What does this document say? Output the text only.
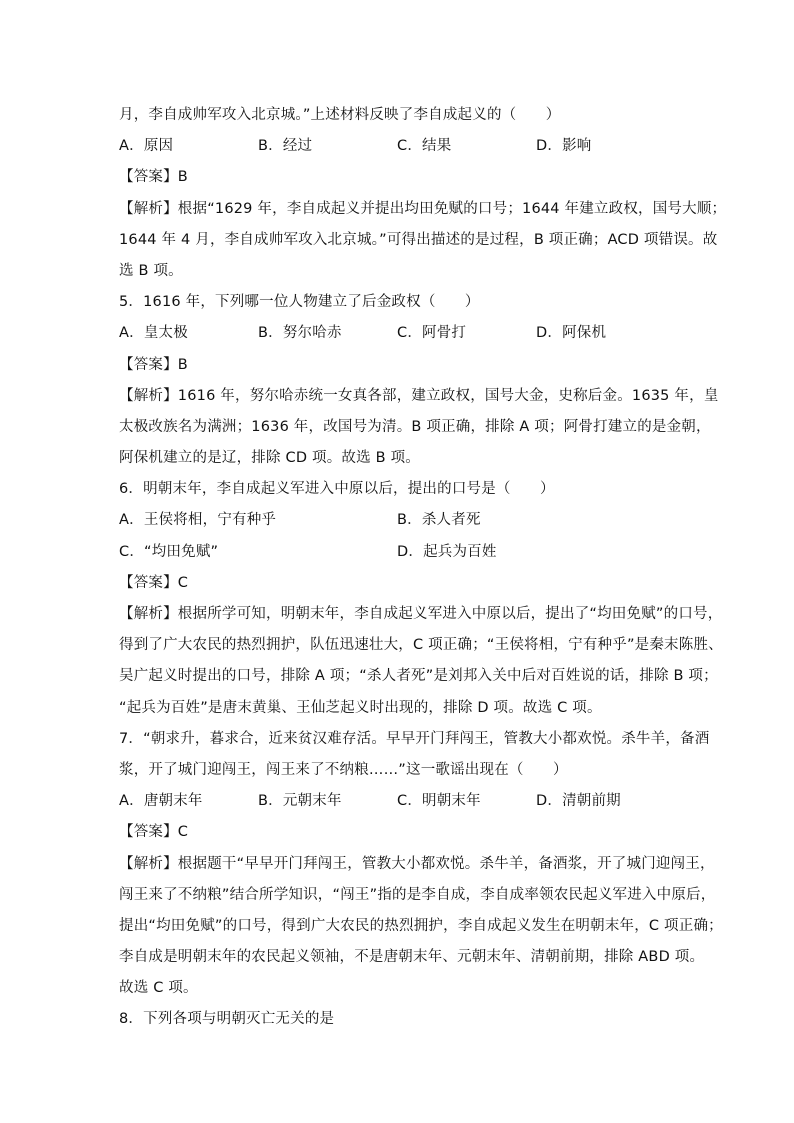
月，李自成帅军攻入北京城。”上述材料反映了李自成起义的（　　）
A．原因	B．经过	C．结果	D．影响
【答案】B
【解析】根据“1629 年，李自成起义并提出均田免赋的口号；1644 年建立政权，国号大顺；
1644 年 4 月，李自成帅军攻入北京城。”可得出描述的是过程，B 项正确；ACD 项错误。故
选 B 项。
5．1616 年，下列哪一位人物建立了后金政权（　　）
A．皇太极	B．努尔哈赤	C．阿骨打	D．阿保机
【答案】B
【解析】1616 年，努尔哈赤统一女真各部，建立政权，国号大金，史称后金。1635 年，皇
太极改族名为满洲；1636 年，改国号为清。B 项正确，排除 A 项；阿骨打建立的是金朝，
阿保机建立的是辽，排除 CD 项。故选 B 项。
6．明朝末年，李自成起义军进入中原以后，提出的口号是（　　）
A．王侯将相，宁有种乎	B．杀人者死
C．“均田免赋”	D．起兵为百姓
【答案】C
【解析】根据所学可知，明朝末年，李自成起义军进入中原以后，提出了“均田免赋”的口号，
得到了广大农民的热烈拥护，队伍迅速壮大，C 项正确；“王侯将相，宁有种乎”是秦末陈胜、
吴广起义时提出的口号，排除 A 项；“杀人者死”是刘邦入关中后对百姓说的话，排除 B 项；
“起兵为百姓”是唐末黄巢、王仙芝起义时出现的，排除 D 项。故选 C 项。
7．“朝求升，暮求合，近来贫汉难存活。早早开门拜闯王，管教大小都欢悦。杀牛羊，备酒
浆，开了城门迎闯王，闯王来了不纳粮……”这一歌谣出现在（　　）
A．唐朝末年	B．元朝末年	C．明朝末年	D．清朝前期
【答案】C
【解析】根据题干“早早开门拜闯王，管教大小都欢悦。杀牛羊，备酒浆，开了城门迎闯王，
闯王来了不纳粮”结合所学知识，“闯王”指的是李自成，李自成率领农民起义军进入中原后，
提出“均田免赋”的口号，得到广大农民的热烈拥护，李自成起义发生在明朝末年，C 项正确；
李自成是明朝末年的农民起义领袖，不是唐朝末年、元朝末年、清朝前期，排除 ABD 项。
故选 C 项。
8．下列各项与明朝灭亡无关的是
